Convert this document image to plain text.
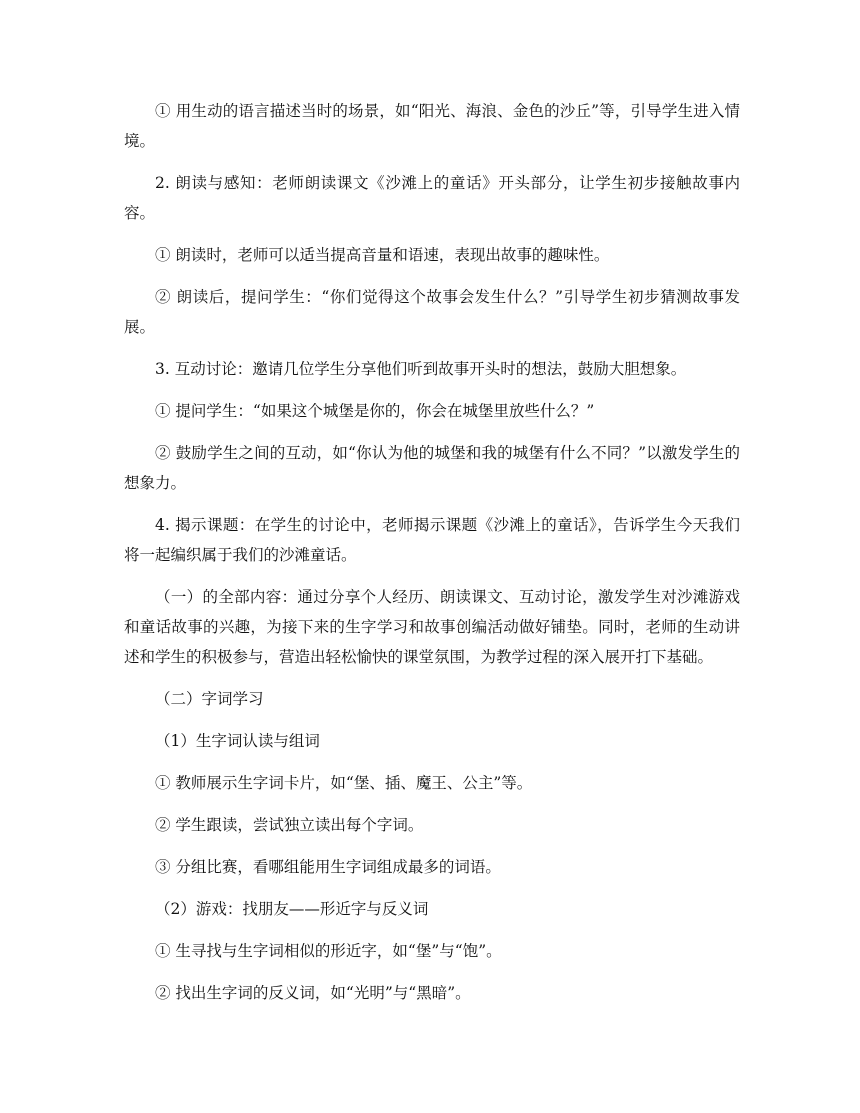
① 用生动的语言描述当时的场景，如“阳光、海浪、金色的沙丘”等，引导学生进入情境。

2. 朗读与感知：老师朗读课文《沙滩上的童话》开头部分，让学生初步接触故事内容。

① 朗读时，老师可以适当提高音量和语速，表现出故事的趣味性。

② 朗读后，提问学生：“你们觉得这个故事会发生什么？”引导学生初步猜测故事发展。

3. 互动讨论：邀请几位学生分享他们听到故事开头时的想法，鼓励大胆想象。

① 提问学生：“如果这个城堡是你的，你会在城堡里放些什么？”

② 鼓励学生之间的互动，如“你认为他的城堡和我的城堡有什么不同？”以激发学生的想象力。

4. 揭示课题：在学生的讨论中，老师揭示课题《沙滩上的童话》，告诉学生今天我们将一起编织属于我们的沙滩童话。

（一）的全部内容：通过分享个人经历、朗读课文、互动讨论，激发学生对沙滩游戏和童话故事的兴趣，为接下来的生字学习和故事创编活动做好铺垫。同时，老师的生动讲述和学生的积极参与，营造出轻松愉快的课堂氛围，为教学过程的深入展开打下基础。

（二）字词学习

（1）生字词认读与组词

① 教师展示生字词卡片，如“堡、插、魔王、公主”等。

② 学生跟读，尝试独立读出每个字词。

③ 分组比赛，看哪组能用生字词组成最多的词语。

（2）游戏：找朋友——形近字与反义词

① 生寻找与生字词相似的形近字，如“堡”与“饱”。

② 找出生字词的反义词，如“光明”与“黑暗”。
